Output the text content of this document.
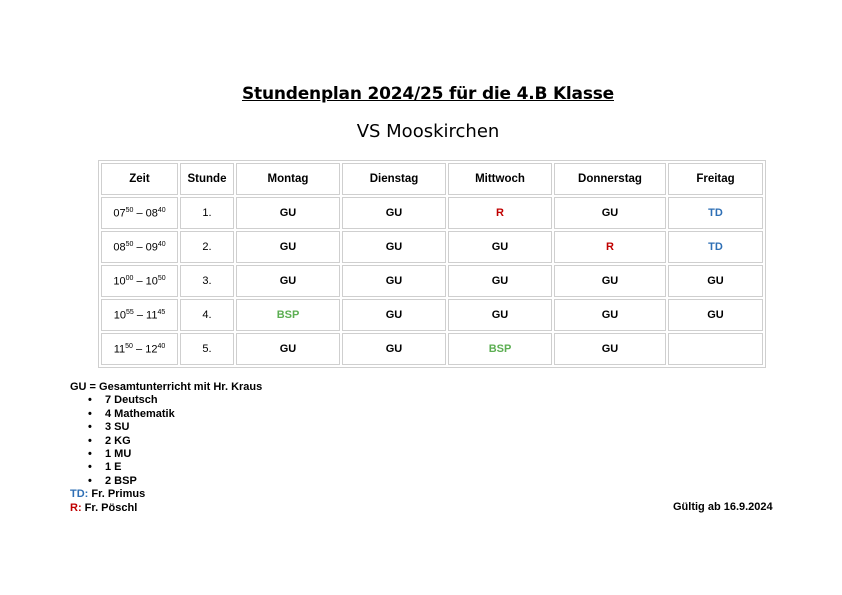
Stundenplan 2024/25 für die 4.B Klasse
VS Mooskirchen
Zeit	Stunde	Montag	Dienstag	Mittwoch	Donnerstag	Freitag
$07^{50} - 08^{40}$	1.	GU	GU	R	GU	TD
$08^{50} - 09^{40}$	2.	GU	GU	GU	R	TD
$10^{00} - 10^{50}$	3.	GU	GU	GU	GU	GU
$10^{55} - 11^{45}$	4.	BSP	GU	GU	GU	GU
$11^{50} - 12^{40}$	5.	GU	GU	BSP	GU	
GU = Gesamtunterricht mit Hr. Kraus
• 7 Deutsch
• 4 Mathematik
• 3 SU
• 2 KG
• 1 MU
• 1 E
• 2 BSP
TD: Fr. Primus
R: Fr. Pöschl	Gültig ab 16.9.2024
